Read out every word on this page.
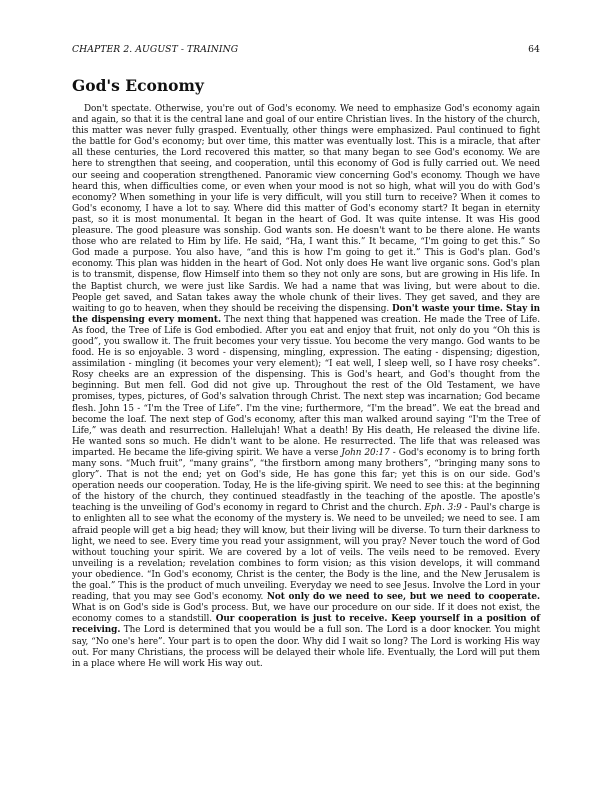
CHAPTER 2. AUGUST - TRAINING	64
God's Economy

Don't spectate. Otherwise, you're out of God's economy. We need to emphasize God's economy again and again, so that it is the central lane and goal of our entire Christian lives. In the history of the church, this matter was never fully grasped. Eventually, other things were emphasized. Paul continued to fight the battle for God's economy; but over time, this matter was eventually lost. This is a miracle, that after all these centuries, the Lord recovered this matter, so that many began to see God's economy. We are here to strengthen that seeing, and cooperation, until this economy of God is fully carried out. We need our seeing and cooperation strengthened. Panoramic view concerning God's economy. Though we have heard this, when difficulties come, or even when your mood is not so high, what will you do with God's economy? When something in your life is very difficult, will you still turn to receive? When it comes to God's economy, I have a lot to say. Where did this matter of God's economy start? It began in eternity past, so it is most monumental. It began in the heart of God. It was quite intense. It was His good pleasure. The good pleasure was sonship. God wants son. He doesn't want to be there alone. He wants those who are related to Him by life. He said, “Ha, I want this.” It became, “I'm going to get this.” So God made a purpose. You also have, “and this is how I'm going to get it.” This is God's plan. God's economy. This plan was hidden in the heart of God. Not only does He want live organic sons. God's plan is to transmit, dispense, flow Himself into them so they not only are sons, but are growing in His life. In the Baptist church, we were just like Sardis. We had a name that was living, but were about to die. People get saved, and Satan takes away the whole chunk of their lives. They get saved, and they are waiting to go to heaven, when they should be receiving the dispensing. Don't waste your time. Stay in the dispensing every moment. The next thing that happened was creation. He made the Tree of Life. As food, the Tree of Life is God embodied. After you eat and enjoy that fruit, not only do you “Oh this is good”, you swallow it. The fruit becomes your very tissue. You become the very mango. God wants to be food. He is so enjoyable. 3 word - dispensing, mingling, expression. The eating - dispensing; digestion, assimilation - mingling (it becomes your very element); “I eat well, I sleep well, so I have rosy cheeks”. Rosy cheeks are an expression of the dispensing. This is God's heart, and God's thought from the beginning. But men fell. God did not give up. Throughout the rest of the Old Testament, we have promises, types, pictures, of God's salvation through Christ. The next step was incarnation; God became flesh. John 15 - “I'm the Tree of Life”. I'm the vine; furthermore, “I'm the bread”. We eat the bread and become the loaf. The next step of God's economy, after this man walked around saying “I'm the Tree of Life,” was death and resurrection. Hallelujah! What a death! By His death, He released the divine life. He wanted sons so much. He didn't want to be alone. He resurrected. The life that was released was imparted. He became the life-giving spirit. We have a verse John 20:17 - God's economy is to bring forth many sons. “Much fruit”, “many grains”, “the firstborn among many brothers”, “bringing many sons to glory”. That is not the end; yet on God's side, He has gone this far; yet this is on our side. God's operation needs our cooperation. Today, He is the life-giving spirit. We need to see this: at the beginning of the history of the church, they continued steadfastly in the teaching of the apostle. The apostle's teaching is the unveiling of God's economy in regard to Christ and the church. Eph. 3:9 - Paul's charge is to enlighten all to see what the economy of the mystery is. We need to be unveiled; we need to see. I am afraid people will get a big head; they will know, but their living will be diverse. To turn their darkness to light, we need to see. Every time you read your assignment, will you pray? Never touch the word of God without touching your spirit. We are covered by a lot of veils. The veils need to be removed. Every unveiling is a revelation; revelation combines to form vision; as this vision develops, it will command your obedience. “In God's economy, Christ is the center, the Body is the line, and the New Jerusalem is the goal.” This is the product of much unveiling. Everyday we need to see Jesus. Involve the Lord in your reading, that you may see God's economy. Not only do we need to see, but we need to cooperate. What is on God's side is God's process. But, we have our procedure on our side. If it does not exist, the economy comes to a standstill. Our cooperation is just to receive. Keep yourself in a position of receiving. The Lord is determined that you would be a full son. The Lord is a door knocker. You might say, “No one's here”. Your part is to open the door. Why did I wait so long? The Lord is working His way out. For many Christians, the process will be delayed their whole life. Eventually, the Lord will put them in a place where He will work His way out.
